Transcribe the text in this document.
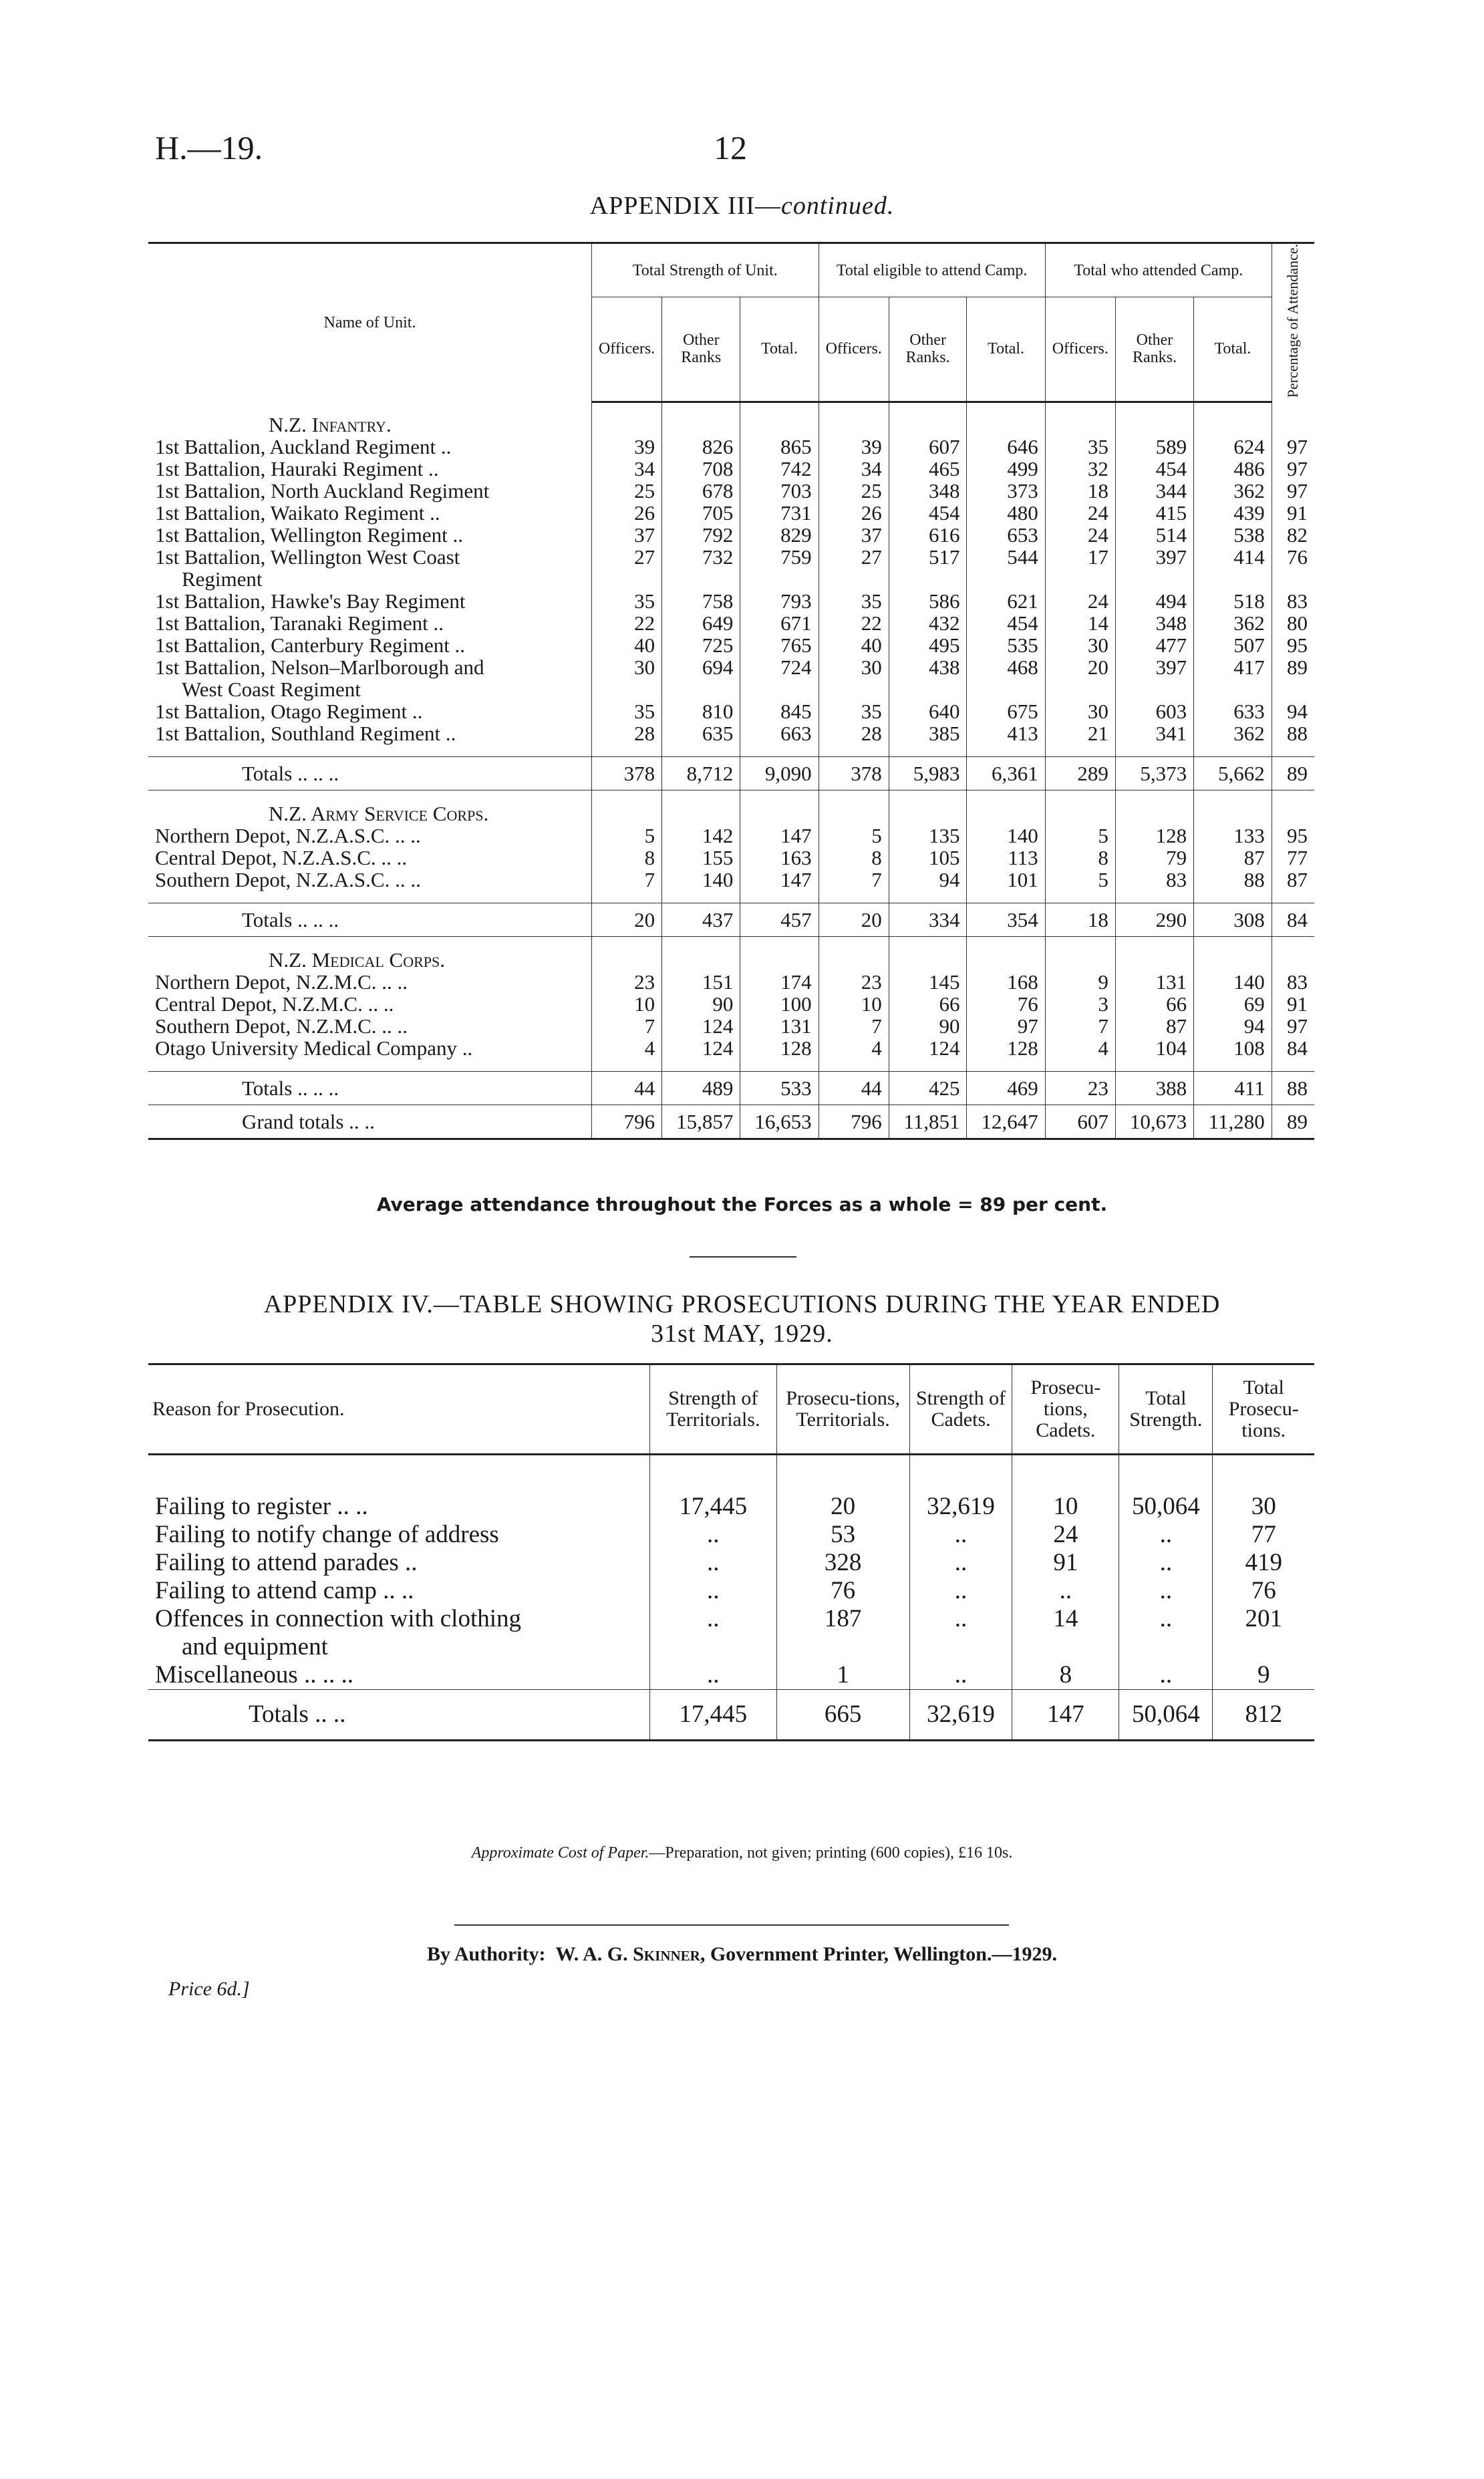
H.—19.	12
APPENDIX III—continued.
Name of Unit.	Total Strength of Unit.			Total eligible to attend Camp.			Total who attended Camp.			Percentage of Attendance.
	Officers.	Other Ranks	Total.	Officers.	Other Ranks.	Total.	Officers.	Other Ranks.	Total.	
N.Z. Infantry.										

1st Battalion, Auckland Regiment ..	39	826	865	39	607	646	35	589	624	97

1st Battalion, Hauraki Regiment ..	34	708	742	34	465	499	32	454	486	97

1st Battalion, North Auckland Regiment	25	678	703	25	348	373	18	344	362	97

1st Battalion, Waikato Regiment ..	26	705	731	26	454	480	24	415	439	91

1st Battalion, Wellington Regiment ..	37	792	829	37	616	653	24	514	538	82

1st Battalion, Wellington West Coast
Regiment	27	732	759	27	517	544	17	397	414	76

1st Battalion, Hawke's Bay Regiment	35	758	793	35	586	621	24	494	518	83

1st Battalion, Taranaki Regiment ..	22	649	671	22	432	454	14	348	362	80

1st Battalion, Canterbury Regiment ..	40	725	765	40	495	535	30	477	507	95

1st Battalion, Nelson–Marlborough and
West Coast Regiment	30	694	724	30	438	468	20	397	417	89

1st Battalion, Otago Regiment ..	35	810	845	35	640	675	30	603	633	94

1st Battalion, Southland Regiment ..	28	635	663	28	385	413	21	341	362	88

Totals .. .. ..	378	8,712	9,090	378	5,983	6,361	289	5,373	5,662	89
N.Z. Army Service Corps.										

Northern Depot, N.Z.A.S.C. .. ..	5	142	147	5	135	140	5	128	133	95

Central Depot, N.Z.A.S.C. .. ..	8	155	163	8	105	113	8	79	87	77

Southern Depot, N.Z.A.S.C. .. ..	7	140	147	7	94	101	5	83	88	87

Totals .. .. ..	20	437	457	20	334	354	18	290	308	84
N.Z. Medical Corps.										

Northern Depot, N.Z.M.C. .. ..	23	151	174	23	145	168	9	131	140	83

Central Depot, N.Z.M.C. .. ..	10	90	100	10	66	76	3	66	69	91

Southern Depot, N.Z.M.C. .. ..	7	124	131	7	90	97	7	87	94	97

Otago University Medical Company ..	4	124	128	4	124	128	4	104	108	84

Totals .. .. ..	44	489	533	44	425	469	23	388	411	88
Grand totals .. ..	796	15,857	16,653	796	11,851	12,647	607	10,673	11,280	89
Average attendance throughout the Forces as a whole = 89 per cent.
APPENDIX IV.—TABLE SHOWING PROSECUTIONS DURING THE YEAR ENDED
31st MAY, 1929.
Reason for Prosecution.	Strength of Territorials.	Prosecu-tions, Territorials.	Strength of Cadets.	Prosecu-tions, Cadets.	Total Strength.	Total Prosecu-tions.

Failing to register .. ..	17,445	20	32,619	10	50,064	30

Failing to notify change of address	..	53	..	24	..	77

Failing to attend parades ..	..	328	..	91	..	419

Failing to attend camp .. ..	..	76	..	..	..	76

Offences in connection with clothing
and equipment	..	187	..	14	..	201

Miscellaneous .. .. ..	..	1	..	8	..	9
Totals .. ..	17,445	665	32,619	147	50,064	812
Approximate Cost of Paper.—Preparation, not given; printing (600 copies), £16 10s.
By Authority: W. A. G. Skinner, Government Printer, Wellington.—1929.
Price 6d.]
